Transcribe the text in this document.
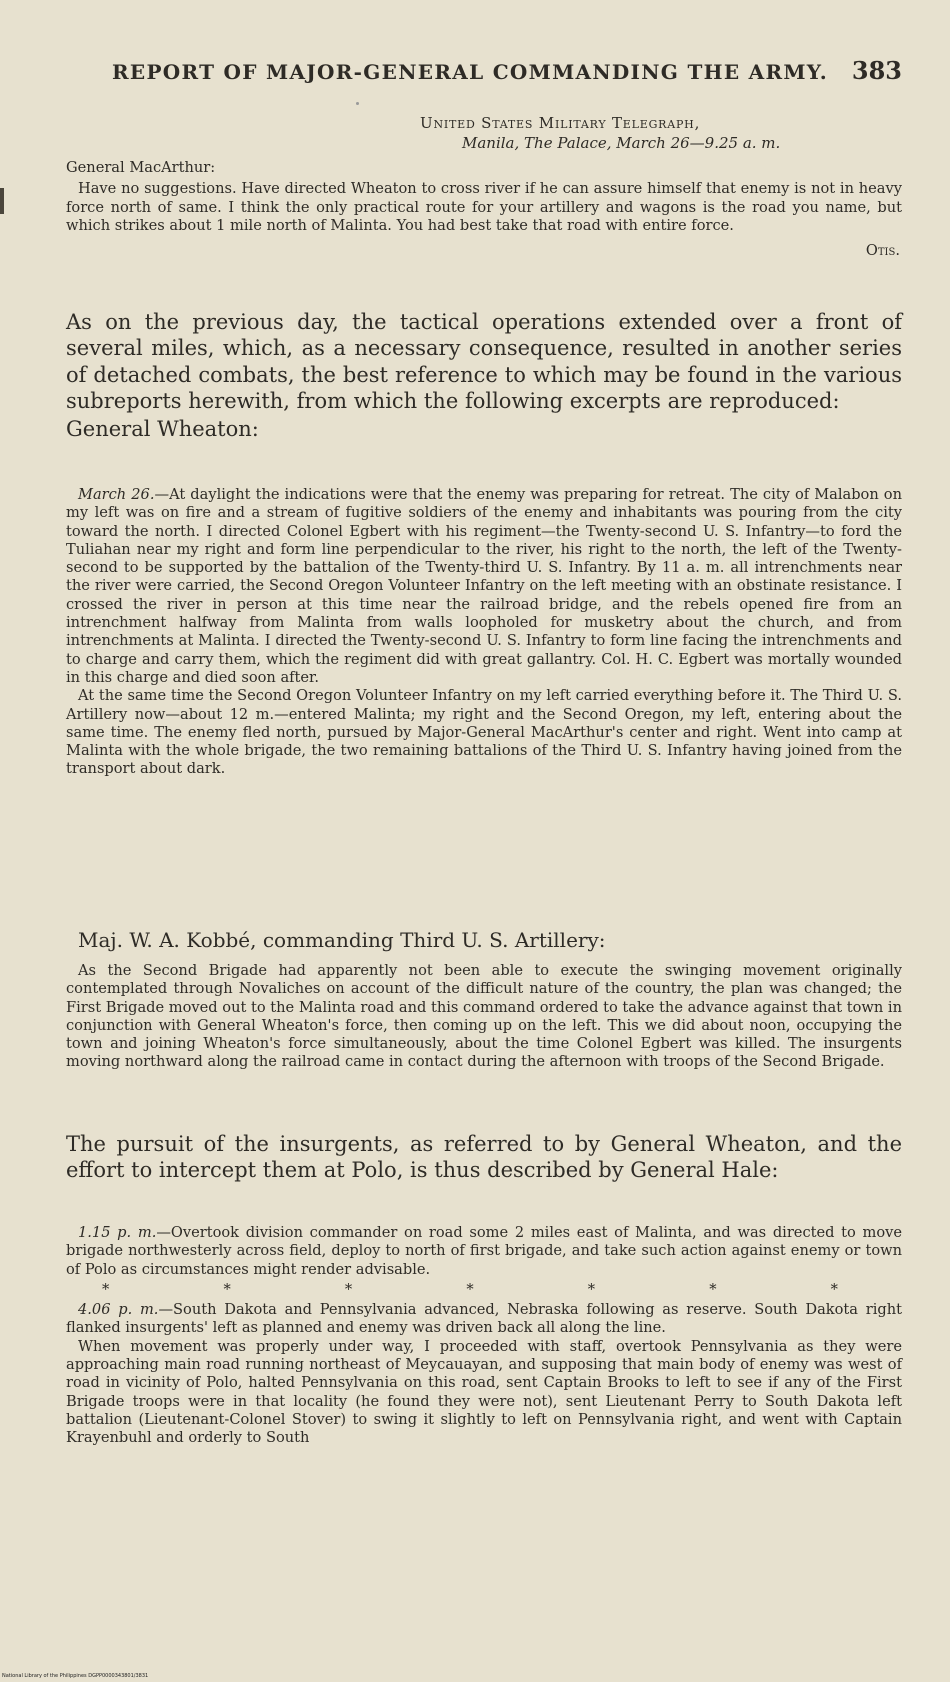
REPORT OF MAJOR-GENERAL COMMANDING THE ARMY. 383
United States Military Telegraph,
Manila, The Palace, March 26—9.25 a. m.

General MacArthur:

Have no suggestions. Have directed Wheaton to cross river if he can assure himself that enemy is not in heavy force north of same. I think the only practical route for your artillery and wagons is the road you name, but which strikes about 1 mile north of Malinta. You had best take that road with entire force.

Otis.

As on the previous day, the tactical operations extended over a front of several miles, which, as a necessary consequence, resulted in another series of detached combats, the best reference to which may be found in the various subreports herewith, from which the following excerpts are reproduced:

General Wheaton:

March 26.—At daylight the indications were that the enemy was preparing for retreat. The city of Malabon on my left was on fire and a stream of fugitive soldiers of the enemy and inhabitants was pouring from the city toward the north. I directed Colonel Egbert with his regiment—the Twenty-second U. S. Infantry—to ford the Tuliahan near my right and form line perpendicular to the river, his right to the north, the left of the Twenty-second to be supported by the battalion of the Twenty-third U. S. Infantry. By 11 a. m. all intrenchments near the river were carried, the Second Oregon Volunteer Infantry on the left meeting with an obstinate resistance. I crossed the river in person at this time near the railroad bridge, and the rebels opened fire from an intrenchment halfway from Malinta from walls loopholed for musketry about the church, and from intrenchments at Malinta. I directed the Twenty-second U. S. Infantry to form line facing the intrenchments and to charge and carry them, which the regiment did with great gallantry. Col. H. C. Egbert was mortally wounded in this charge and died soon after.

At the same time the Second Oregon Volunteer Infantry on my left carried everything before it. The Third U. S. Artillery now—about 12 m.—entered Malinta; my right and the Second Oregon, my left, entering about the same time. The enemy fled north, pursued by Major-General MacArthur's center and right. Went into camp at Malinta with the whole brigade, the two remaining battalions of the Third U. S. Infantry having joined from the transport about dark.

Maj. W. A. Kobbé, commanding Third U. S. Artillery:

As the Second Brigade had apparently not been able to execute the swinging movement originally contemplated through Novaliches on account of the difficult nature of the country, the plan was changed; the First Brigade moved out to the Malinta road and this command ordered to take the advance against that town in conjunction with General Wheaton's force, then coming up on the left. This we did about noon, occupying the town and joining Wheaton's force simultaneously, about the time Colonel Egbert was killed. The insurgents moving northward along the railroad came in contact during the afternoon with troops of the Second Brigade.

The pursuit of the insurgents, as referred to by General Wheaton, and the effort to intercept them at Polo, is thus described by General Hale:

1.15 p. m.—Overtook division commander on road some 2 miles east of Malinta, and was directed to move brigade northwesterly across field, deploy to north of first brigade, and take such action against enemy or town of Polo as circumstances might render advisable.

*	*	*	*	*	*	*

4.06 p. m.—South Dakota and Pennsylvania advanced, Nebraska following as reserve. South Dakota right flanked insurgents' left as planned and enemy was driven back all along the line.

When movement was properly under way, I proceeded with staff, overtook Pennsylvania as they were approaching main road running northeast of Meycauayan, and supposing that main body of enemy was west of road in vicinity of Polo, halted Pennsylvania on this road, sent Captain Brooks to left to see if any of the First Brigade troops were in that locality (he found they were not), sent Lieutenant Perry to South Dakota left battalion (Lieutenant-Colonel Stover) to swing it slightly to left on Pennsylvania right, and went with Captain Krayenbuhl and orderly to South

National Library of the Philippines DGPP0000343801/3831
